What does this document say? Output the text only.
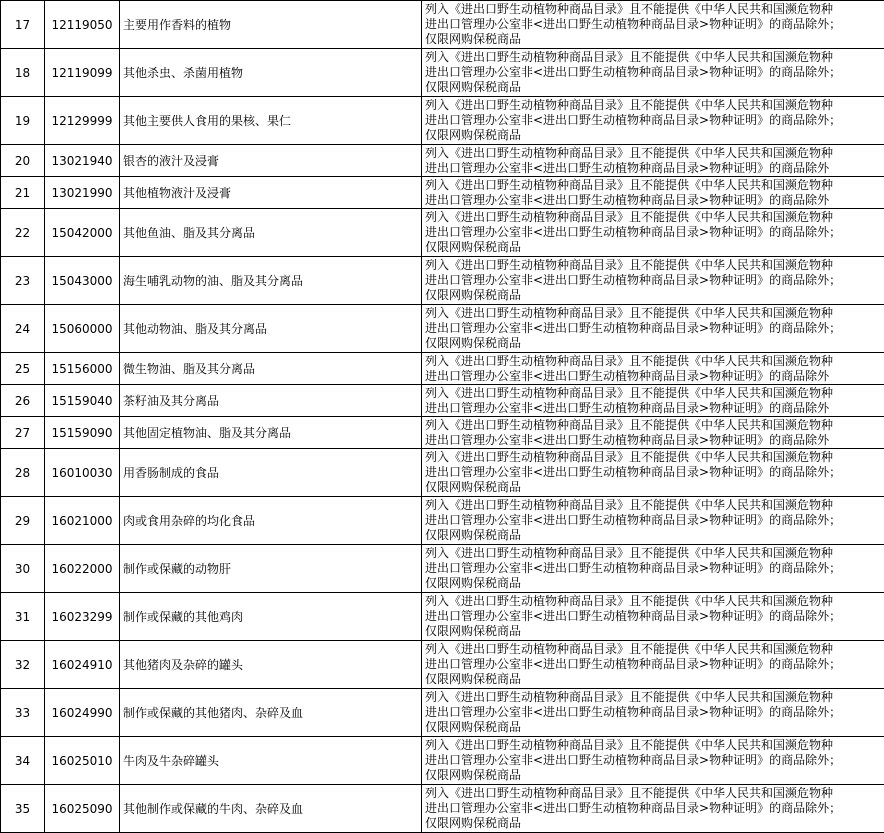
17	12119050	主要用作香料的植物	列入《进出口野生动植物种商品目录》且不能提供《中华人民共和国濒危物种
进出口管理办公室非<进出口野生动植物种商品目录>物种证明》的商品除外；
仅限网购保税商品

18	12119099	其他杀虫、杀菌用植物	列入《进出口野生动植物种商品目录》且不能提供《中华人民共和国濒危物种
进出口管理办公室非<进出口野生动植物种商品目录>物种证明》的商品除外；
仅限网购保税商品

19	12129999	其他主要供人食用的果核、果仁	列入《进出口野生动植物种商品目录》且不能提供《中华人民共和国濒危物种
进出口管理办公室非<进出口野生动植物种商品目录>物种证明》的商品除外；
仅限网购保税商品

20	13021940	银杏的液汁及浸膏	列入《进出口野生动植物种商品目录》且不能提供《中华人民共和国濒危物种
进出口管理办公室非<进出口野生动植物种商品目录>物种证明》的商品除外

21	13021990	其他植物液汁及浸膏	列入《进出口野生动植物种商品目录》且不能提供《中华人民共和国濒危物种
进出口管理办公室非<进出口野生动植物种商品目录>物种证明》的商品除外

22	15042000	其他鱼油、脂及其分离品	列入《进出口野生动植物种商品目录》且不能提供《中华人民共和国濒危物种
进出口管理办公室非<进出口野生动植物种商品目录>物种证明》的商品除外；
仅限网购保税商品

23	15043000	海生哺乳动物的油、脂及其分离品	列入《进出口野生动植物种商品目录》且不能提供《中华人民共和国濒危物种
进出口管理办公室非<进出口野生动植物种商品目录>物种证明》的商品除外；
仅限网购保税商品

24	15060000	其他动物油、脂及其分离品	列入《进出口野生动植物种商品目录》且不能提供《中华人民共和国濒危物种
进出口管理办公室非<进出口野生动植物种商品目录>物种证明》的商品除外；
仅限网购保税商品

25	15156000	微生物油、脂及其分离品	列入《进出口野生动植物种商品目录》且不能提供《中华人民共和国濒危物种
进出口管理办公室非<进出口野生动植物种商品目录>物种证明》的商品除外

26	15159040	茶籽油及其分离品	列入《进出口野生动植物种商品目录》且不能提供《中华人民共和国濒危物种
进出口管理办公室非<进出口野生动植物种商品目录>物种证明》的商品除外

27	15159090	其他固定植物油、脂及其分离品	列入《进出口野生动植物种商品目录》且不能提供《中华人民共和国濒危物种
进出口管理办公室非<进出口野生动植物种商品目录>物种证明》的商品除外

28	16010030	用香肠制成的食品	列入《进出口野生动植物种商品目录》且不能提供《中华人民共和国濒危物种
进出口管理办公室非<进出口野生动植物种商品目录>物种证明》的商品除外；
仅限网购保税商品

29	16021000	肉或食用杂碎的均化食品	列入《进出口野生动植物种商品目录》且不能提供《中华人民共和国濒危物种
进出口管理办公室非<进出口野生动植物种商品目录>物种证明》的商品除外；
仅限网购保税商品

30	16022000	制作或保藏的动物肝	列入《进出口野生动植物种商品目录》且不能提供《中华人民共和国濒危物种
进出口管理办公室非<进出口野生动植物种商品目录>物种证明》的商品除外；
仅限网购保税商品

31	16023299	制作或保藏的其他鸡肉	列入《进出口野生动植物种商品目录》且不能提供《中华人民共和国濒危物种
进出口管理办公室非<进出口野生动植物种商品目录>物种证明》的商品除外；
仅限网购保税商品

32	16024910	其他猪肉及杂碎的罐头	列入《进出口野生动植物种商品目录》且不能提供《中华人民共和国濒危物种
进出口管理办公室非<进出口野生动植物种商品目录>物种证明》的商品除外；
仅限网购保税商品

33	16024990	制作或保藏的其他猪肉、杂碎及血	列入《进出口野生动植物种商品目录》且不能提供《中华人民共和国濒危物种
进出口管理办公室非<进出口野生动植物种商品目录>物种证明》的商品除外；
仅限网购保税商品

34	16025010	牛肉及牛杂碎罐头	列入《进出口野生动植物种商品目录》且不能提供《中华人民共和国濒危物种
进出口管理办公室非<进出口野生动植物种商品目录>物种证明》的商品除外；
仅限网购保税商品

35	16025090	其他制作或保藏的牛肉、杂碎及血	列入《进出口野生动植物种商品目录》且不能提供《中华人民共和国濒危物种
进出口管理办公室非<进出口野生动植物种商品目录>物种证明》的商品除外；
仅限网购保税商品
